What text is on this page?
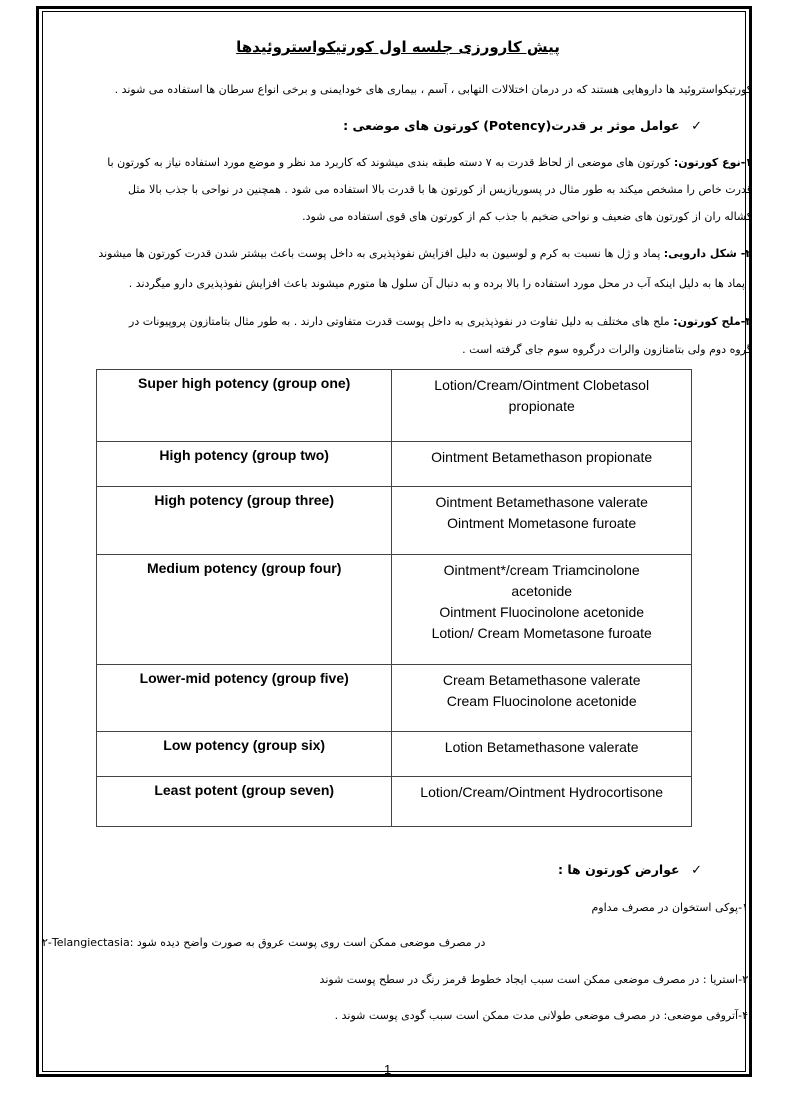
پیش کارورزی جلسه اول کورتیکواستروئیدها
کورتیکواستروئید ها داروهایی هستند که در درمان اختلالات التهابی ، آسم ، بیماری های خودایمنی و برخی انواع سرطان ها استفاده می شوند .
✓ عوامل موثر بر قدرت(Potency) کورتون های موضعی :
۱-نوع کورتون: کورتون های موضعی از لحاظ قدرت به ۷ دسته طبقه بندی میشوند که کاربرد مد نظر و موضع مورد استفاده نیاز به کورتون با
قدرت خاص را مشخص میکند به طور مثال در پسوریازیس از کورتون ها با قدرت بالا استفاده می شود . همچنین در نواحی با جذب بالا مثل
کشاله ران از کورتون های ضعیف و نواحی ضخیم با جذب کم از کورتون های قوی استفاده می شود.
۲- شکل دارویی: پماد و ژل ها نسبت به کرم و لوسیون به دلیل افزایش نفوذپذیری به داخل پوست باعث بیشتر شدن قدرت کورتون ها میشوند
. پماد ها به دلیل اینکه آب در محل مورد استفاده را بالا برده و به دنبال آن سلول ها متورم میشوند باعث افزایش نفوذپذیری دارو میگردند .
۳-ملح کورتون: ملح های مختلف به دلیل تفاوت در نفوذپذیری به داخل پوست قدرت متفاوتی دارند . به طور مثال بتامتازون پروپیونات در
گروه دوم ولی بتامتازون والرات درگروه سوم جای گرفته است .
Super high potency (group one)	Lotion/Cream/Ointment Clobetasol
propionate

High potency (group two)	Ointment Betamethason propionate

High potency (group three)	Ointment Betamethasone valerate
Ointment Mometasone furoate

Medium potency (group four)	Ointment*/cream Triamcinolone
acetonide
Ointment Fluocinolone acetonide
Lotion/ Cream Mometasone furoate

Lower-mid potency (group five)	Cream Betamethasone valerate
Cream Fluocinolone acetonide

Low potency (group six)	Lotion Betamethasone valerate

Least potent (group seven)	Lotion/Cream/Ointment Hydrocortisone
✓ عوارض کورتون ها :
۱-پوکی استخوان در مصرف مداوم
۲-Telangiectasia: در مصرف موضعی ممکن است روی پوست عروق به صورت واضح دیده شود
۳-استریا : در مصرف موضعی ممکن است سبب ایجاد خطوط قرمز رنگ در سطح پوست شوند
۴-آتروفی موضعی: در مصرف موضعی طولانی مدت ممکن است سبب گودی پوست شوند .
1
